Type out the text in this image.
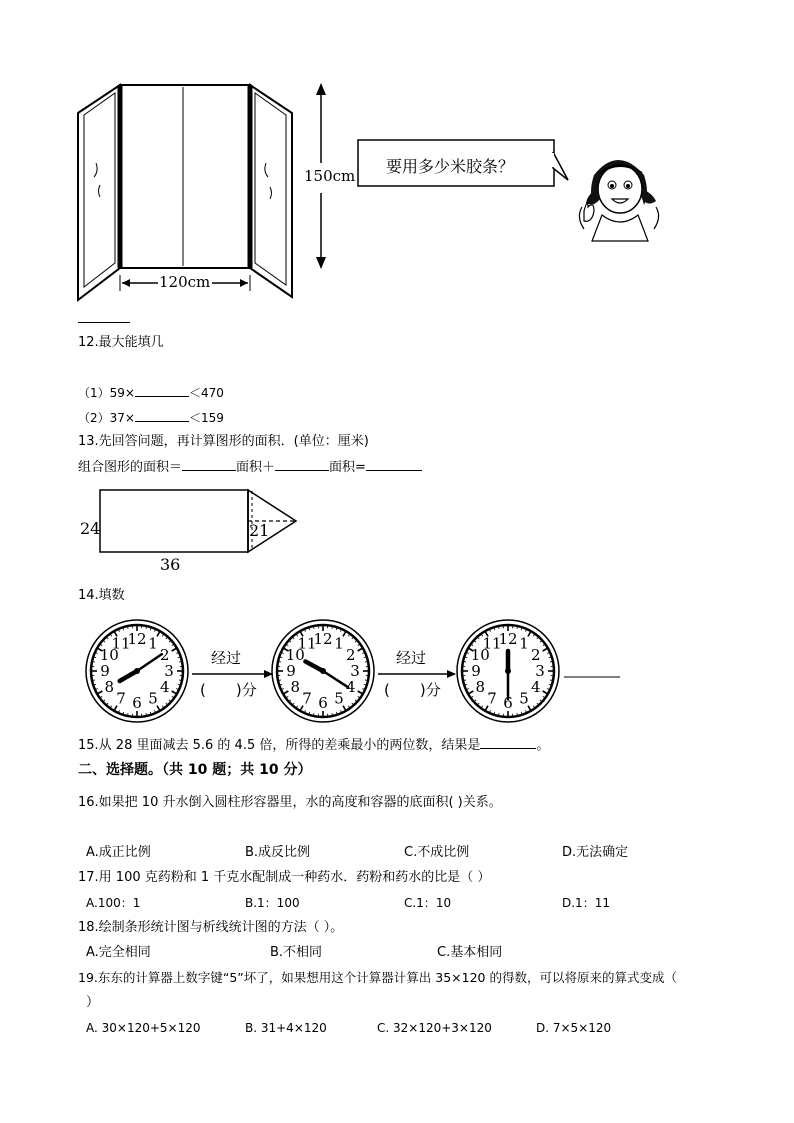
120cm
150cm 要用多少米胶条？
12.最大能填几
（1）59×	＜470
（2）37×	＜159
13.先回答问题，再计算图形的面积．(单位：厘米)
组合图形的面积＝	面积＋	面积=
24	21
36
14.填数
12 1
2
3
4
5
6
7
8
9
10
11	12 1
2
3
4
5
6
7
8
9
10
11	12 1
2
3
4
5
6
7
8
9
10
11
经过	经过
(　　)分	(　　)分
15.从 28 里面减去 5.6 的 4.5 倍，所得的差乘最小的两位数，结果是	。
二、选择题。（共 10 题；共 10 分）
16.如果把 10 升水倒入圆柱形容器里，水的高度和容器的底面积( )关系。
A.成正比例	B.成反比例	C.不成比例	D.无法确定
17.用 100 克药粉和 1 千克水配制成一种药水．药粉和药水的比是（ ）
A.100：1	B.1：100	C.1：10	D.1：11
18.绘制条形统计图与析线统计图的方法（ ）。
A.完全相同	B.不相同	C.基本相同
19.东东的计算器上数字键“5”坏了，如果想用这个计算器计算出 35×120 的得数，可以将原来的算式变成（
）
A. 30×120+5×120	B. 31+4×120	C. 32×120+3×120	D. 7×5×120
